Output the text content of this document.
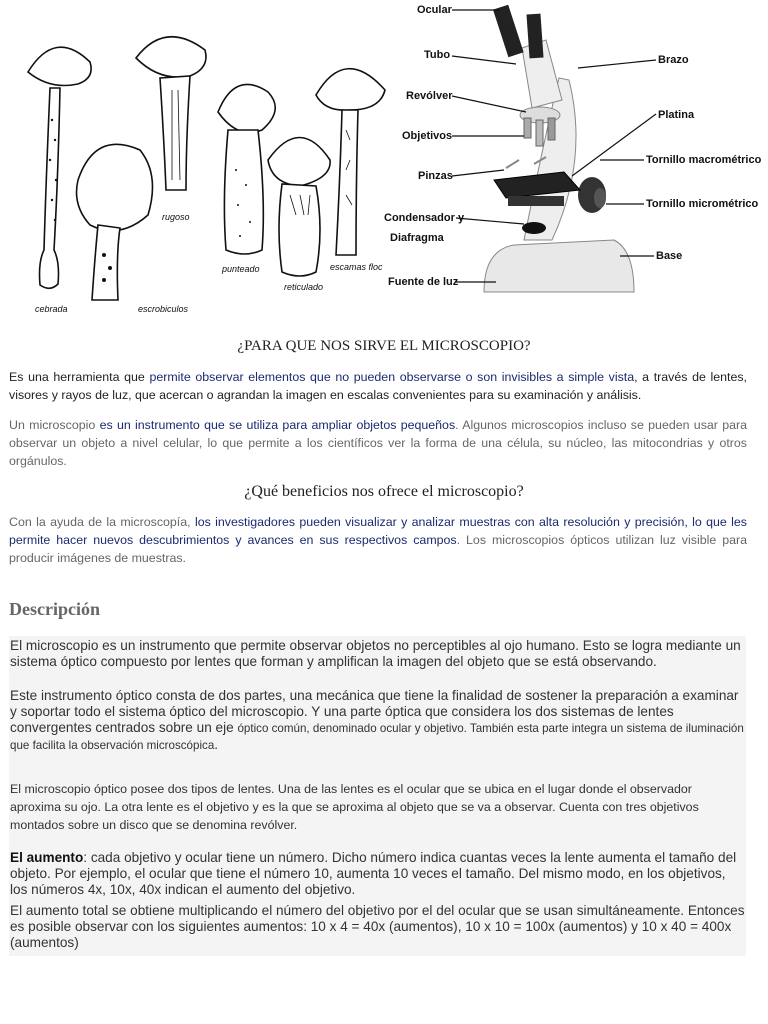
cebrada	escrobiculos
rugoso
punteado
reticulado
escamas floc
Ocular
Tubo
Revólver
Objetivos
Pinzas
Condensador y
Diafragma
Fuente de luz
Brazo
Platina
Tornillo macrométrico
Tornillo micrométrico
Base
¿PARA QUE NOS SIRVE EL MICROSCOPIO?
Es una herramienta que permite observar elementos que no pueden observarse o son invisibles a simple vista, a través de lentes, visores y rayos de luz, que acercan o agrandan la imagen en escalas convenientes para su examinación y análisis.
Un microscopio es un instrumento que se utiliza para ampliar objetos pequeños. Algunos microscopios incluso se pueden usar para observar un objeto a nivel celular, lo que permite a los científicos ver la forma de una célula, su núcleo, las mitocondrias y otros orgánulos.
¿Qué beneficios nos ofrece el microscopio?
Con la ayuda de la microscopía, los investigadores pueden visualizar y analizar muestras con alta resolución y precisión, lo que les permite hacer nuevos descubrimientos y avances en sus respectivos campos. Los microscopios ópticos utilizan luz visible para producir imágenes de muestras.
Descripción
El microscopio es un instrumento que permite observar objetos no perceptibles al ojo humano. Esto se logra mediante un sistema óptico compuesto por lentes que forman y amplifican la imagen del objeto que se está observando.
Este instrumento óptico consta de dos partes, una mecánica que tiene la finalidad de sostener la preparación a examinar y soportar todo el sistema óptico del microscopio. Y una parte óptica que considera los dos sistemas de lentes convergentes centrados sobre un eje óptico común, denominado ocular y objetivo. También esta parte integra un sistema de iluminación que facilita la observación microscópica.
El microscopio óptico posee dos tipos de lentes. Una de las lentes es el ocular que se ubica en el lugar donde el observador aproxima su ojo. La otra lente es el objetivo y es la que se aproxima al objeto que se va a observar. Cuenta con tres objetivos montados sobre un disco que se denomina revólver.
El aumento: cada objetivo y ocular tiene un número. Dicho número indica cuantas veces la lente aumenta el tamaño del objeto. Por ejemplo, el ocular que tiene el número 10, aumenta 10 veces el tamaño. Del mismo modo, en los objetivos, los números 4x, 10x, 40x indican el aumento del objetivo.
El aumento total se obtiene multiplicando el número del objetivo por el del ocular que se usan simultáneamente. Entonces es posible observar con los siguientes aumentos: 10 x 4 = 40x (aumentos), 10 x 10 = 100x (aumentos) y 10 x 40 = 400x (aumentos)
